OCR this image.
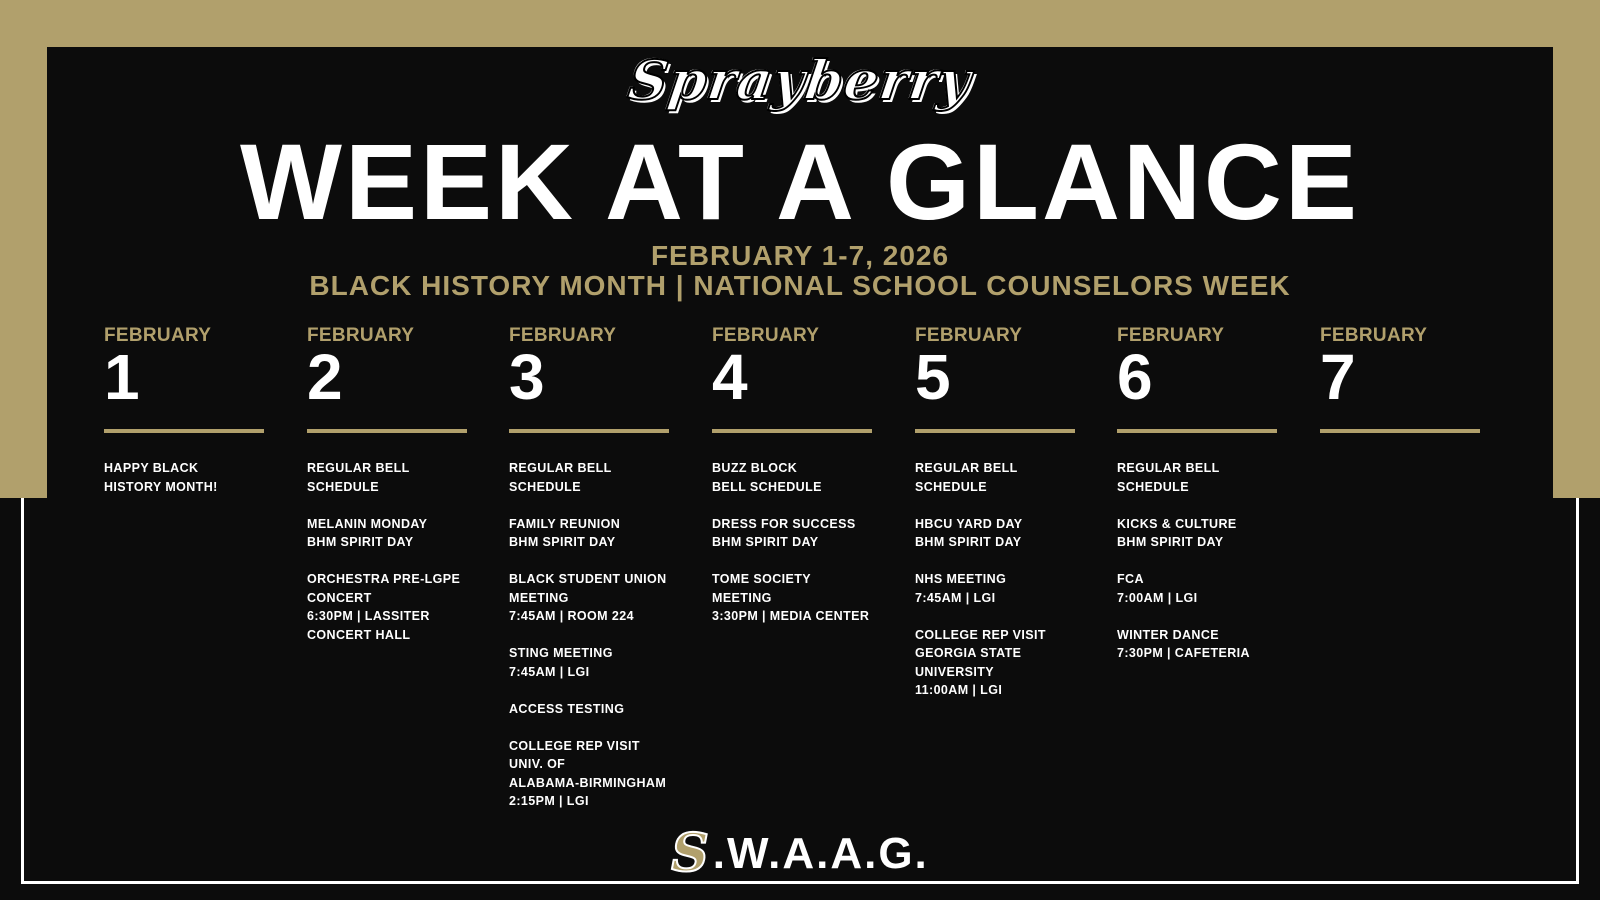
Sprayberry
WEEK AT A GLANCE
FEBRUARY 1-7, 2026
BLACK HISTORY MONTH | NATIONAL SCHOOL COUNSELORS WEEK
FEBRUARY
1
HAPPY BLACK
HISTORY MONTH!
FEBRUARY
2
REGULAR BELL
SCHEDULE
MELANIN MONDAY
BHM SPIRIT DAY
ORCHESTRA PRE-LGPE
CONCERT
6:30PM | LASSITER
CONCERT HALL
FEBRUARY
3
REGULAR BELL
SCHEDULE
FAMILY REUNION
BHM SPIRIT DAY
BLACK STUDENT UNION
MEETING
7:45AM | ROOM 224
STING MEETING
7:45AM | LGI
ACCESS TESTING
COLLEGE REP VISIT
UNIV. OF
ALABAMA-BIRMINGHAM
2:15PM | LGI
FEBRUARY
4
BUZZ BLOCK
BELL SCHEDULE
DRESS FOR SUCCESS
BHM SPIRIT DAY
TOME SOCIETY MEETING
3:30PM | MEDIA CENTER
FEBRUARY
5
REGULAR BELL
SCHEDULE
HBCU YARD DAY
BHM SPIRIT DAY
NHS MEETING
7:45AM | LGI
COLLEGE REP VISIT
GEORGIA STATE
UNIVERSITY
11:00AM | LGI
FEBRUARY
6
REGULAR BELL
SCHEDULE
KICKS & CULTURE
BHM SPIRIT DAY
FCA
7:00AM | LGI
WINTER DANCE
7:30PM | CAFETERIA
FEBRUARY
7
S .W.A.A.G.
